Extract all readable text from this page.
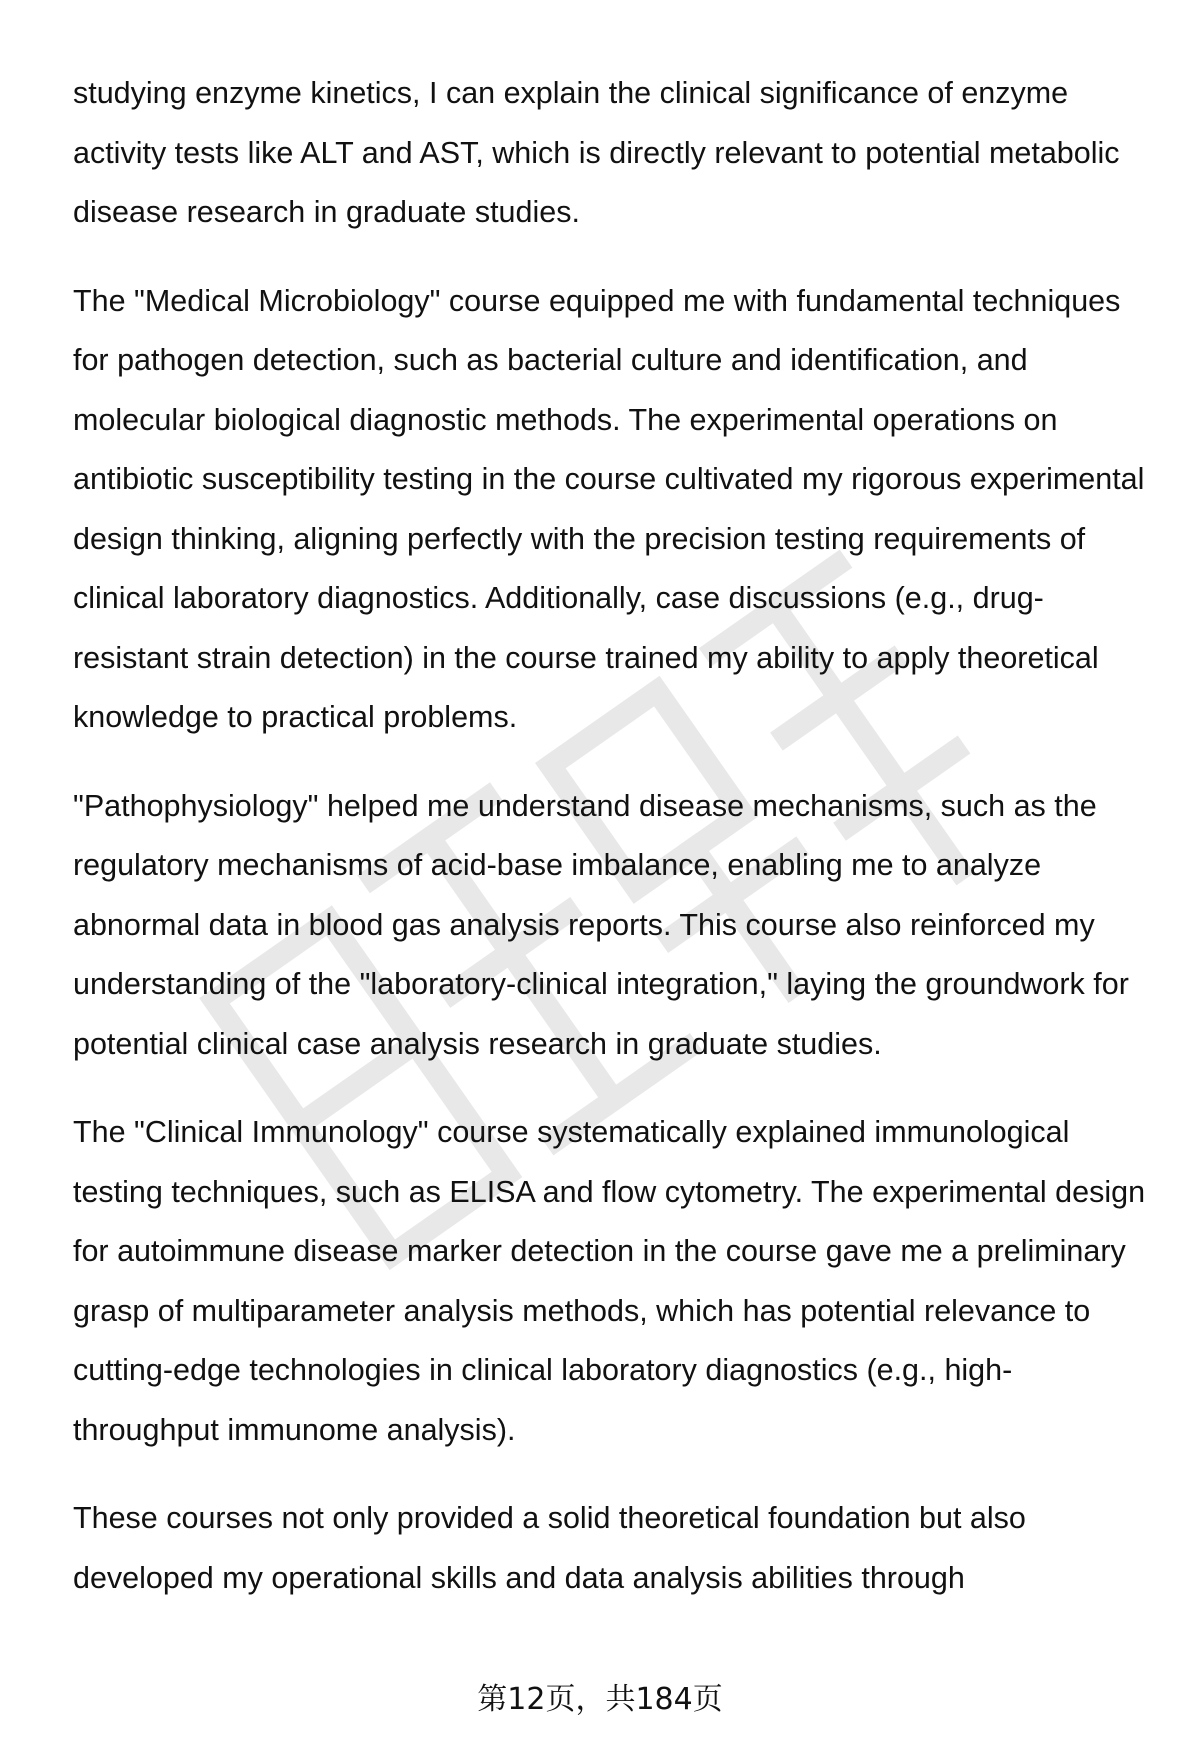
studying enzyme kinetics, I can explain the clinical significance of enzyme activity tests like ALT and AST, which is directly relevant to potential metabolic disease research in graduate studies.

The "Medical Microbiology" course equipped me with fundamental techniques for pathogen detection, such as bacterial culture and identification, and molecular biological diagnostic methods. The experimental operations on antibiotic susceptibility testing in the course cultivated my rigorous experimental design thinking, aligning perfectly with the precision testing requirements of clinical laboratory diagnostics. Additionally, case discussions (e.g., drug-resistant strain detection) in the course trained my ability to apply theoretical knowledge to practical problems.

"Pathophysiology" helped me understand disease mechanisms, such as the regulatory mechanisms of acid-base imbalance, enabling me to analyze abnormal data in blood gas analysis reports. This course also reinforced my understanding of the "laboratory-clinical integration," laying the groundwork for potential clinical case analysis research in graduate studies.

The "Clinical Immunology" course systematically explained immunological testing techniques, such as ELISA and flow cytometry. The experimental design for autoimmune disease marker detection in the course gave me a preliminary grasp of multiparameter analysis methods, which has potential relevance to cutting-edge technologies in clinical laboratory diagnostics (e.g., high-throughput immunome analysis).

These courses not only provided a solid theoretical foundation but also developed my operational skills and data analysis abilities through

第12页，共184页
